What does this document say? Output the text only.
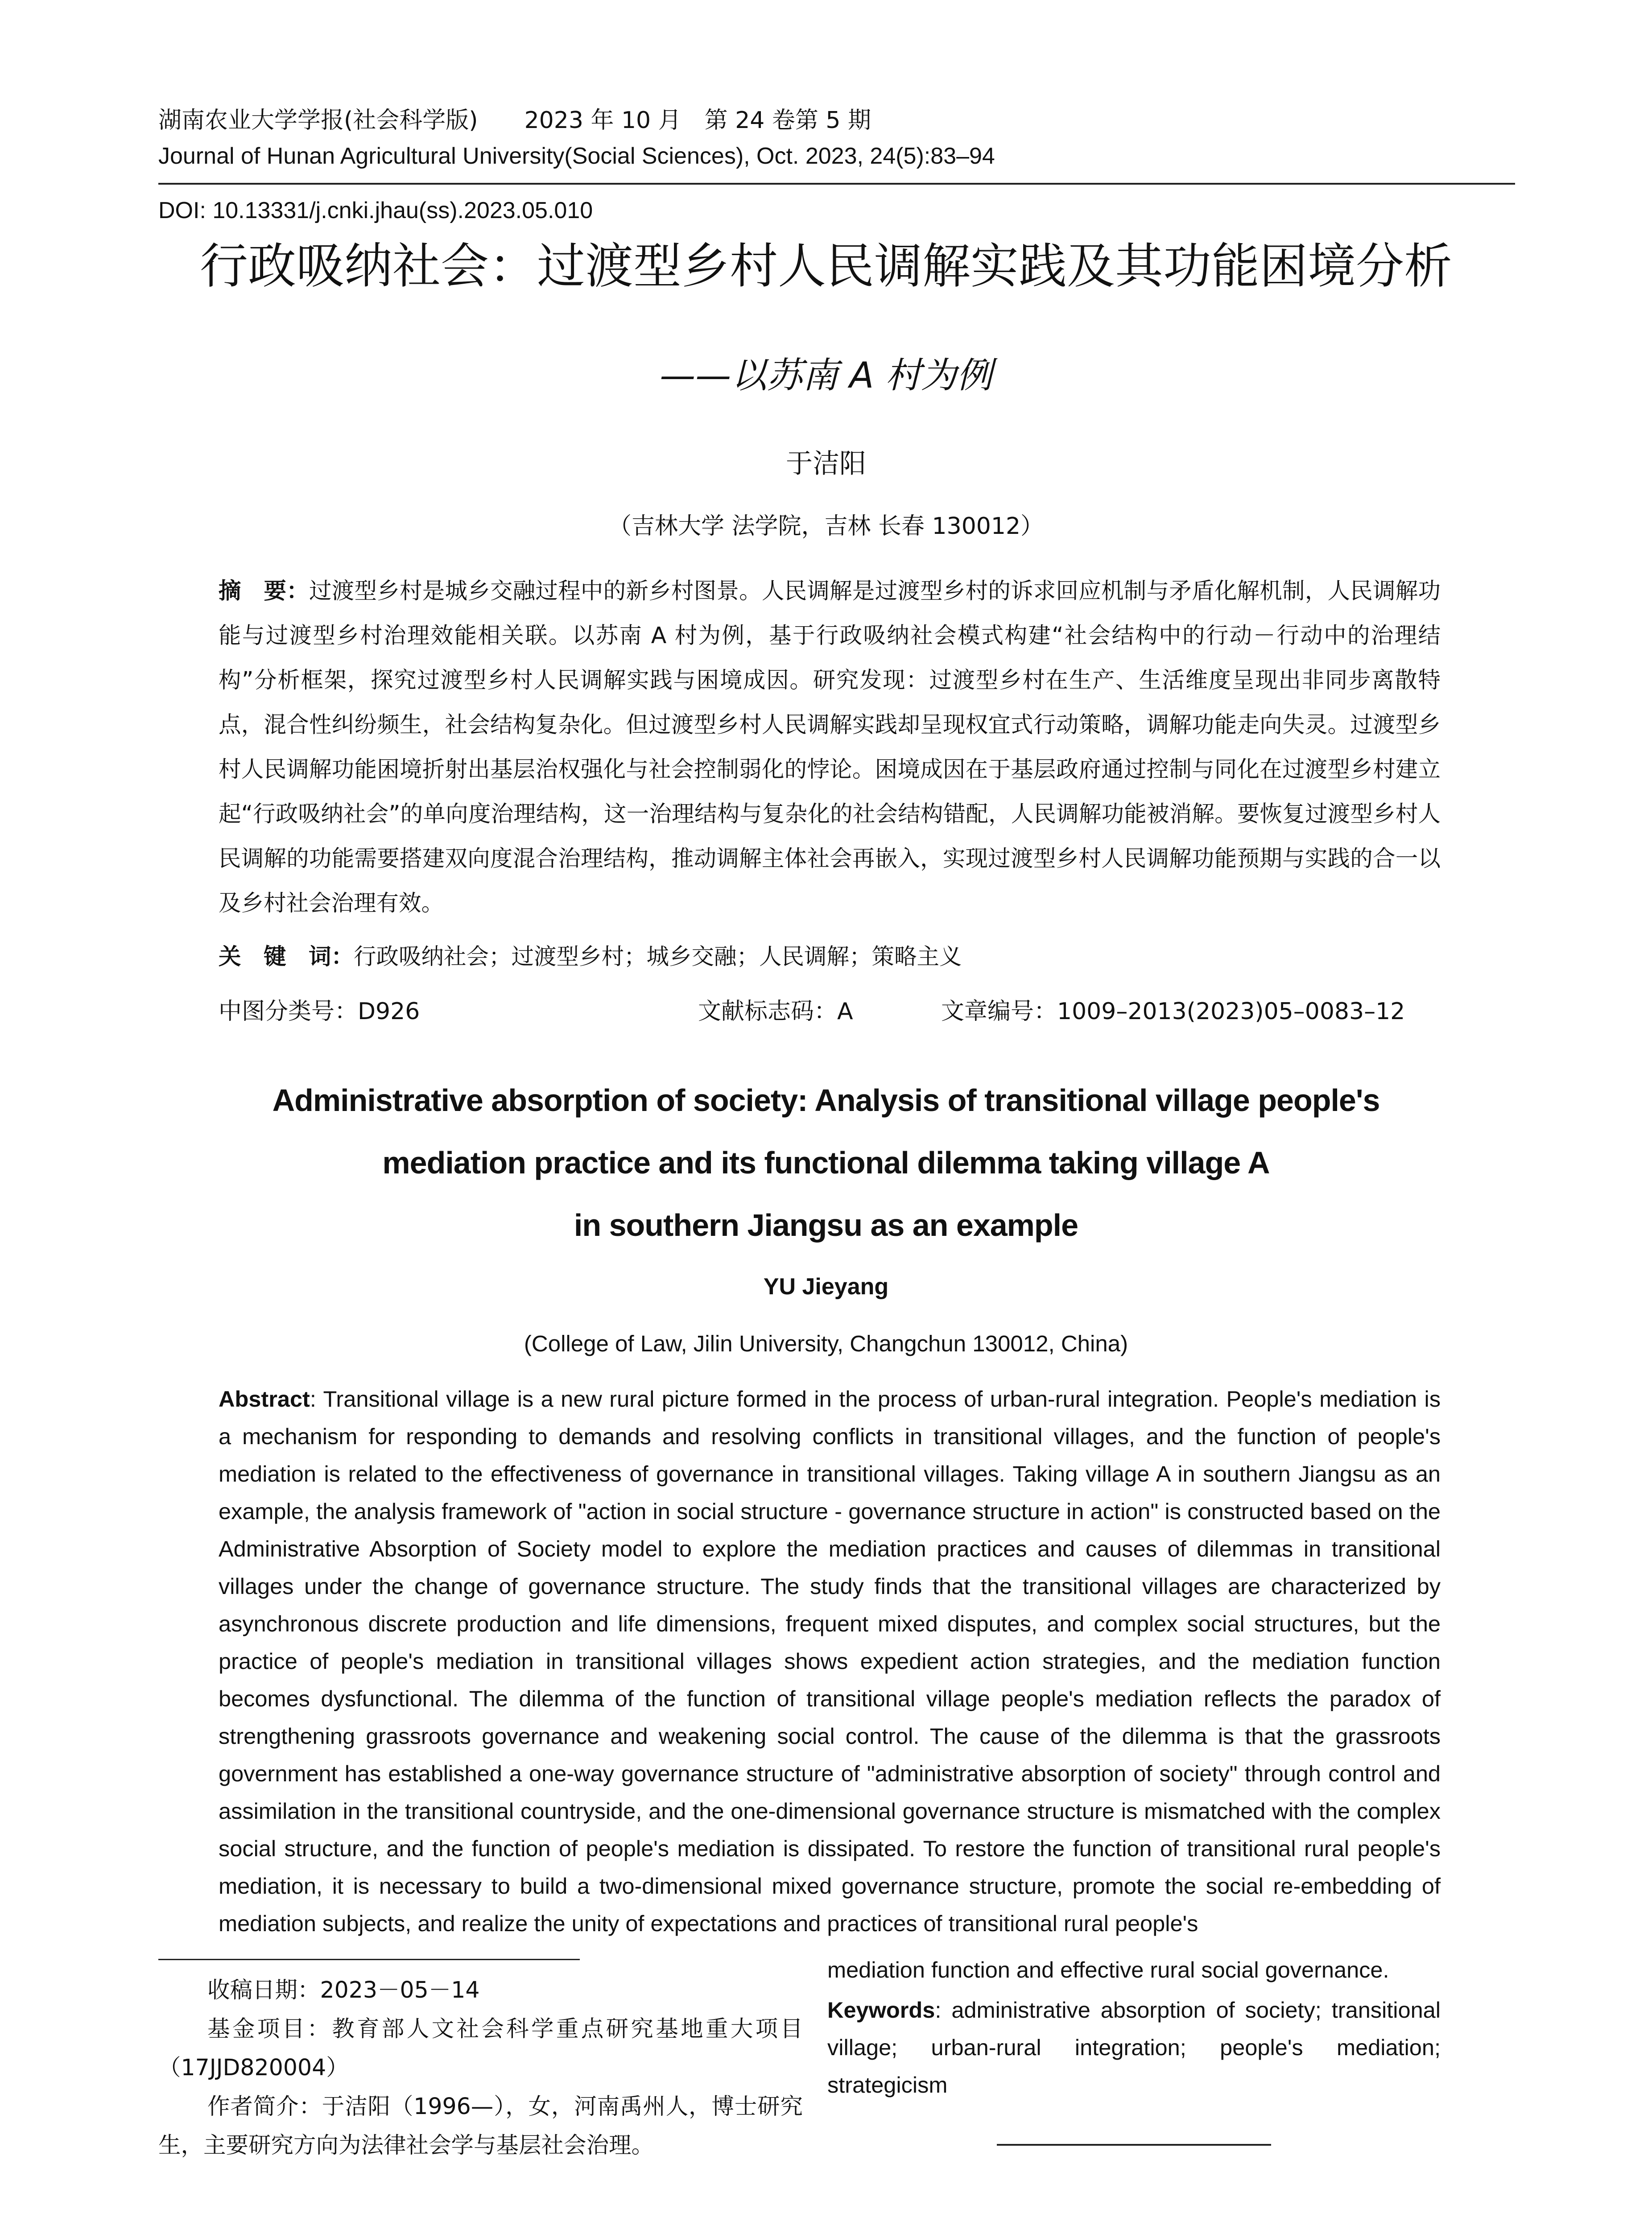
湖南农业大学学报(社会科学版)　　2023 年 10 月　第 24 卷第 5 期
Journal of Hunan Agricultural University(Social Sciences), Oct. 2023, 24(5):83–94
DOI: 10.13331/j.cnki.jhau(ss).2023.05.010
行政吸纳社会：过渡型乡村人民调解实践及其功能困境分析
——以苏南 A 村为例
于洁阳
（吉林大学 法学院，吉林 长春 130012）
摘　要：过渡型乡村是城乡交融过程中的新乡村图景。人民调解是过渡型乡村的诉求回应机制与矛盾化解机制，人民调解功能与过渡型乡村治理效能相关联。以苏南 A 村为例，基于行政吸纳社会模式构建“社会结构中的行动－行动中的治理结构”分析框架，探究过渡型乡村人民调解实践与困境成因。研究发现：过渡型乡村在生产、生活维度呈现出非同步离散特点，混合性纠纷频生，社会结构复杂化。但过渡型乡村人民调解实践却呈现权宜式行动策略，调解功能走向失灵。过渡型乡村人民调解功能困境折射出基层治权强化与社会控制弱化的悖论。困境成因在于基层政府通过控制与同化在过渡型乡村建立起“行政吸纳社会”的单向度治理结构，这一治理结构与复杂化的社会结构错配，人民调解功能被消解。要恢复过渡型乡村人民调解的功能需要搭建双向度混合治理结构，推动调解主体社会再嵌入，实现过渡型乡村人民调解功能预期与实践的合一以及乡村社会治理有效。
关　键　词：行政吸纳社会；过渡型乡村；城乡交融；人民调解；策略主义
中图分类号：D926	文献标志码：A	文章编号：1009–2013(2023)05–0083–12
Administrative absorption of society: Analysis of transitional village people's
mediation practice and its functional dilemma taking village A
in southern Jiangsu as an example
YU Jieyang
(College of Law, Jilin University, Changchun 130012, China)
Abstract: Transitional village is a new rural picture formed in the process of urban-rural integration. People's mediation is a mechanism for responding to demands and resolving conflicts in transitional villages, and the function of people's mediation is related to the effectiveness of governance in transitional villages. Taking village A in southern Jiangsu as an example, the analysis framework of "action in social structure - governance structure in action" is constructed based on the Administrative Absorption of Society model to explore the mediation practices and causes of dilemmas in transitional villages under the change of governance structure. The study finds that the transitional villages are characterized by asynchronous discrete production and life dimensions, frequent mixed disputes, and complex social structures, but the practice of people's mediation in transitional villages shows expedient action strategies, and the mediation function becomes dysfunctional. The dilemma of the function of transitional village people's mediation reflects the paradox of strengthening grassroots governance and weakening social control. The cause of the dilemma is that the grassroots government has established a one-way governance structure of "administrative absorption of society" through control and assimilation in the transitional countryside, and the one-dimensional governance structure is mismatched with the complex social structure, and the function of people's mediation is dissipated. To restore the function of transitional rural people's mediation, it is necessary to build a two-dimensional mixed governance structure, promote the social re-embedding of mediation subjects, and realize the unity of expectations and practices of transitional rural people's
mediation function and effective rural social governance.
Keywords: administrative absorption of society; transitional village; urban-rural integration; people's mediation; strategicism
收稿日期：2023－05－14
基金项目：教育部人文社会科学重点研究基地重大项目（17JJD820004）
作者简介：于洁阳（1996—），女，河南禹州人，博士研究生，主要研究方向为法律社会学与基层社会治理。
